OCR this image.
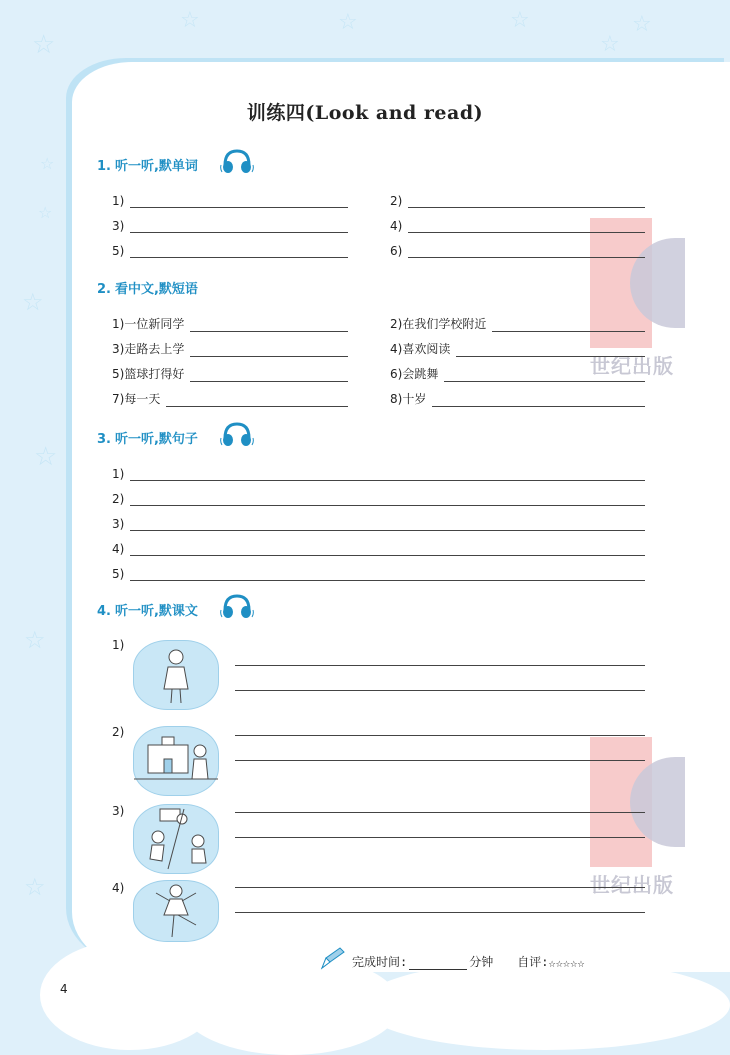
☆	☆	☆	☆
☆
☆
☆
☆
☆
☆
☆
☆
训练四(Look and read)
世纪出版
世纪出版
1. 听一听,默单词
1)	2)
3)	4)
5)	6)
2. 看中文,默短语
1)一位新同学	2)在我们学校附近
3)走路去上学	4)喜欢阅读
5)篮球打得好	6)会跳舞
7)每一天	8)十岁
3. 听一听,默句子
1)
2)
3)
4)
5)
4. 听一听,默课文
1)
2)
3)
4)
完成时间:	分钟 自评: ☆☆☆☆☆
4
